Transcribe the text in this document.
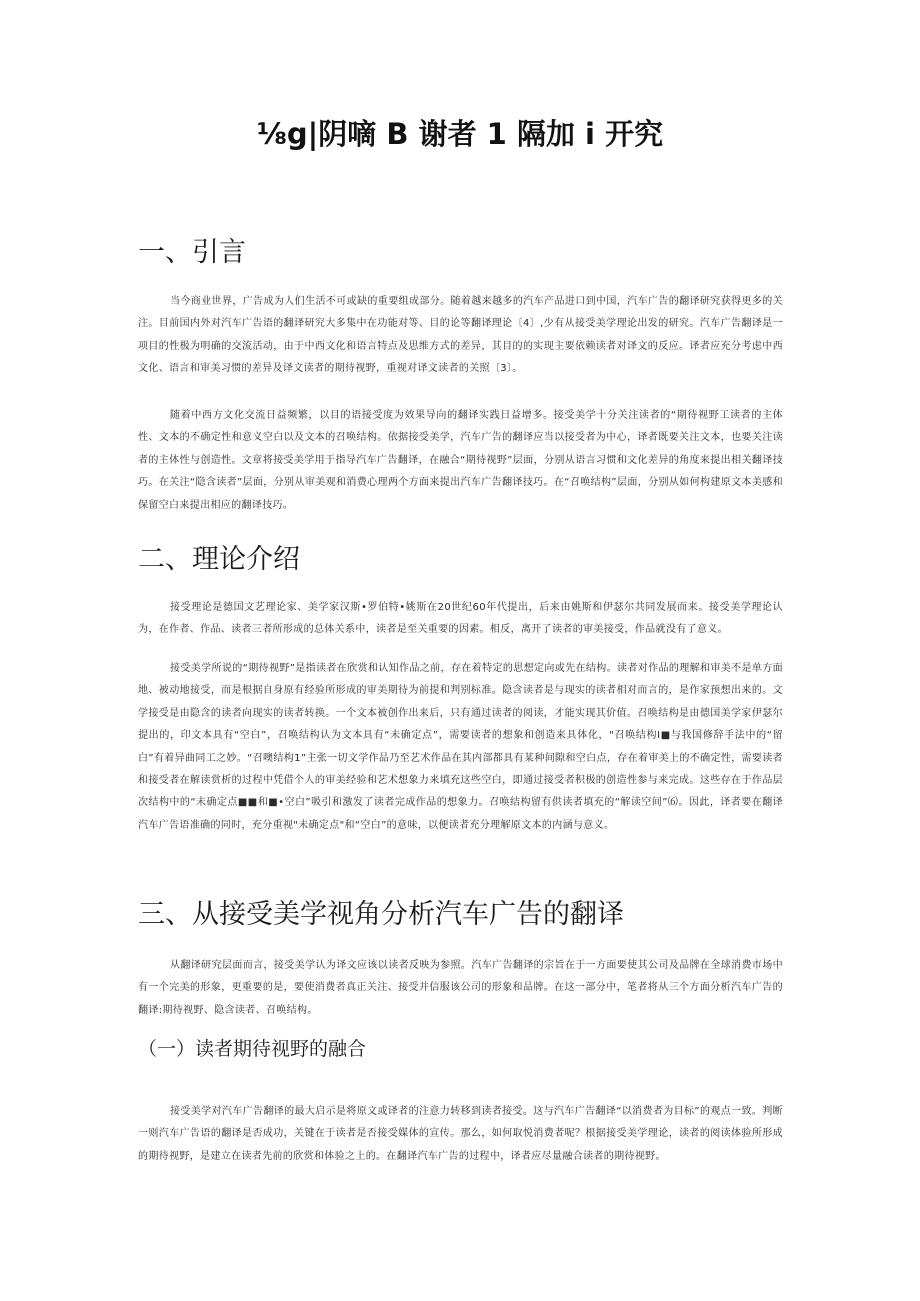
⅛g|阴嘀 B 谢者 1 隔加 i 开究
一、引言

当今商业世界，广告成为人们生活不可或缺的重要组成部分。随着越来越多的汽车产品进口到中国，汽车广告的翻译研究获得更多的关注。目前国内外对汽车广告语的翻译研究大多集中在功能对等、目的论等翻译理论〔4〕,少有从接受美学理论出发的研究。汽车广告翻译是一项目的性极为明确的交流活动，由于中西文化和语言特点及思维方式的差异，其目的的实现主要依赖读者对译文的反应。译者应充分考虑中西文化、语言和审美习惯的差异及译文读者的期待视野，重视对译文读者的关照〔3〕。

随着中西方文化交流日益频繁，以目的语接受度为效果导向的翻译实践日益增多。接受美学十分关注读者的“期待视野工读者的主体性、文本的不确定性和意义空白以及文本的召唤结构。依据接受美学，汽车广告的翻译应当以接受者为中心，译者既要关注文本，也要关注读者的主体性与创造性。文章将接受美学用于指导汽车广告翻译，在融合“期待视野”层面，分别从语言习惯和文化差异的角度来提出相关翻译技巧。在关注“隐含读者”层面，分别从审美观和消费心理两个方面来提出汽车广告翻译技巧。在“召唤结构”层面，分别从如何构建原文本美感和保留空白来提出相应的翻译技巧。

二、理论介绍

接受理论是德国文艺理论家、美学家汉斯•罗伯特•姚斯在20世纪60年代提出，后来由姚斯和伊瑟尔共同发展而来。接受美学理论认为，在作者、作品、读者三者所形成的总体关系中，读者是至关重要的因素。相反，离开了读者的审美接受，作品就没有了意义。

接受美学所说的“期待视野”是指读者在欣赏和认知作品之前，存在着特定的思想定向或先在结构。读者对作品的理解和审美不是单方面地、被动地接受，而是根据自身原有经验所形成的审美期待为前提和判别标准。隐含读者是与现实的读者相对而言的，是作家预想出来的。文学接受是由隐含的读者向现实的读者转换。一个文本被创作出来后，只有通过读者的阅读，才能实现其价值。召唤结构是由德国美学家伊瑟尔提出的，印文本具有“空白”，召唤结构认为文本具有“未确定点”，需要读者的想象和创造来具体化，"召唤结构Ⅰ■与我国修辞手法中的“留白”有着异曲同工之妙。“召噢结构1”主张一切文学作品乃至艺术作品在其内部都具有某种间隙和空白点，存在着审美上的不确定性，需要读者和接受者在解读赏析的过程中凭借个人的审美经验和艺术想象力来填充这些空白，即通过接受者积极的创造性参与来完成。这些存在于作品层次结构中的“未确定点■■和■•空白”吸引和激发了读者完成作品的想象力。召唤结构留有供读者填充的“解读空间”⑹。因此，译者要在翻译汽车广告语准确的同时，充分重视"未确定点"和“空白”的意味，以便读者充分理解原文本的内涵与意义。

三、从接受美学视角分析汽车广告的翻译

从翻译研究层面而言，接受美学认为译文应该以读者反映为参照。汽车广告翻译的宗旨在于一方面要使其公司及品牌在全球消费市场中有一个完美的形象，更重要的是，要使消费者真正关注、接受并信服该公司的形象和品牌。在这一部分中，笔者将从三个方面分析汽车广告的翻译:期待视野、隐含读者、召唤结构。

（一）读者期待视野的融合

接受美学对汽车广告翻译的最大启示是将原文或译者的注意力转移到读者接受。这与汽车广告翻译“以消费者为目标”的观点一致。判断一则汽车广告语的翻译是否成功，关键在于读者是否接受媒体的宣传。那么，如何取悦消费者呢？根据接受美学理论，读者的阅读体验所形成的期待视野，是建立在读者先前的欣赏和体验之上的。在翻译汽车广告的过程中，译者应尽量融合读者的期待视野。
